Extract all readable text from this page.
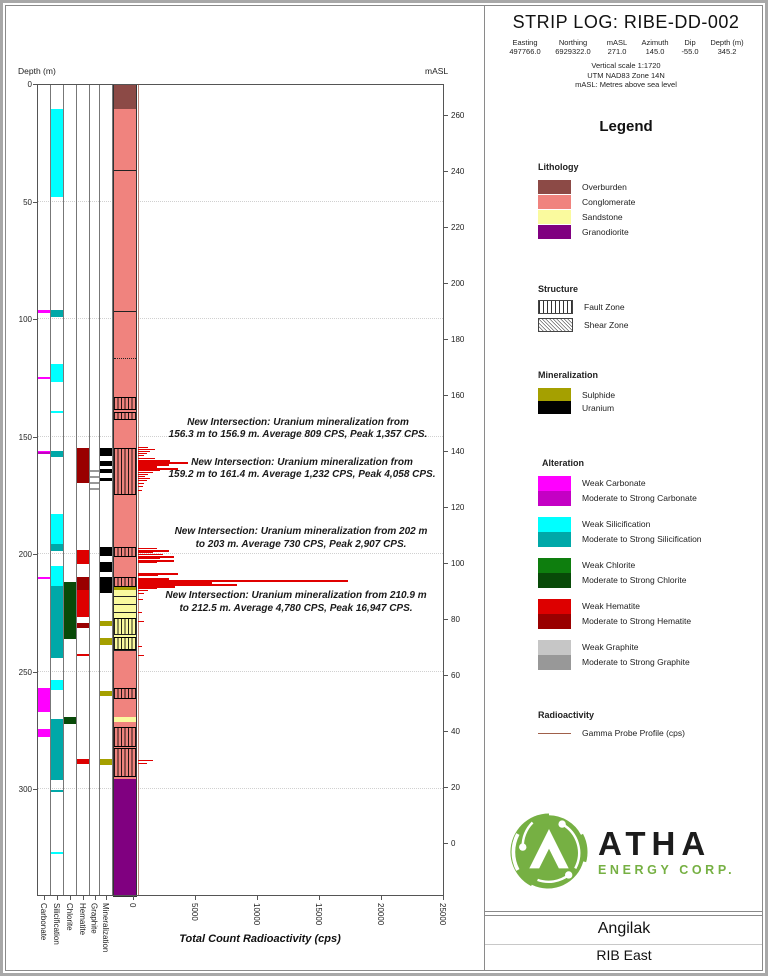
0
50
100
150
200
250
300
260
240
220
200
180
160
140
120
100
80
60
40
20
0
0	5000	10000	15000	20000	25000
Carbonate Silicification Chlorite Hematite Graphite Mineralization
New Intersection: Uranium mineralization from
156.3 m to 156.9 m. Average 809 CPS, Peak 1,357 CPS.
New Intersection: Uranium mineralization from
159.2 m to 161.4 m. Average 1,232 CPS, Peak 4,058 CPS.
New Intersection: Uranium mineralization from 202 m
to 203 m. Average 730 CPS, Peak 2,907 CPS.
New Intersection: Uranium mineralization from 210.9 m
to 212.5 m. Average 4,780 CPS, Peak 16,947 CPS.
Depth (m)	mASL
Total Count Radioactivity (cps)
STRIP LOG: RIBE-DD-002
Easting
497766.0
Northing
6929322.0
mASL
271.0
Azimuth
145.0
Dip
-55.0
Depth (m)
345.2
Vertical scale 1:1720
UTM NAD83 Zone 14N
mASL: Metres above sea level
Legend
Lithology
Overburden
Conglomerate
Sandstone
Granodiorite
Structure
Fault Zone
Shear Zone
Mineralization
Sulphide
Uranium
Alteration
Weak Carbonate
Moderate to Strong Carbonate
Weak Silicification
Moderate to Strong Silicification
Weak Chlorite
Moderate to Strong Chlorite
Weak Hematite
Moderate to Strong Hematite
Weak Graphite
Moderate to Strong Graphite
Radioactivity
Gamma Probe Profile (cps)
ATHA
ENERGY CORP.
Angilak
RIB East
